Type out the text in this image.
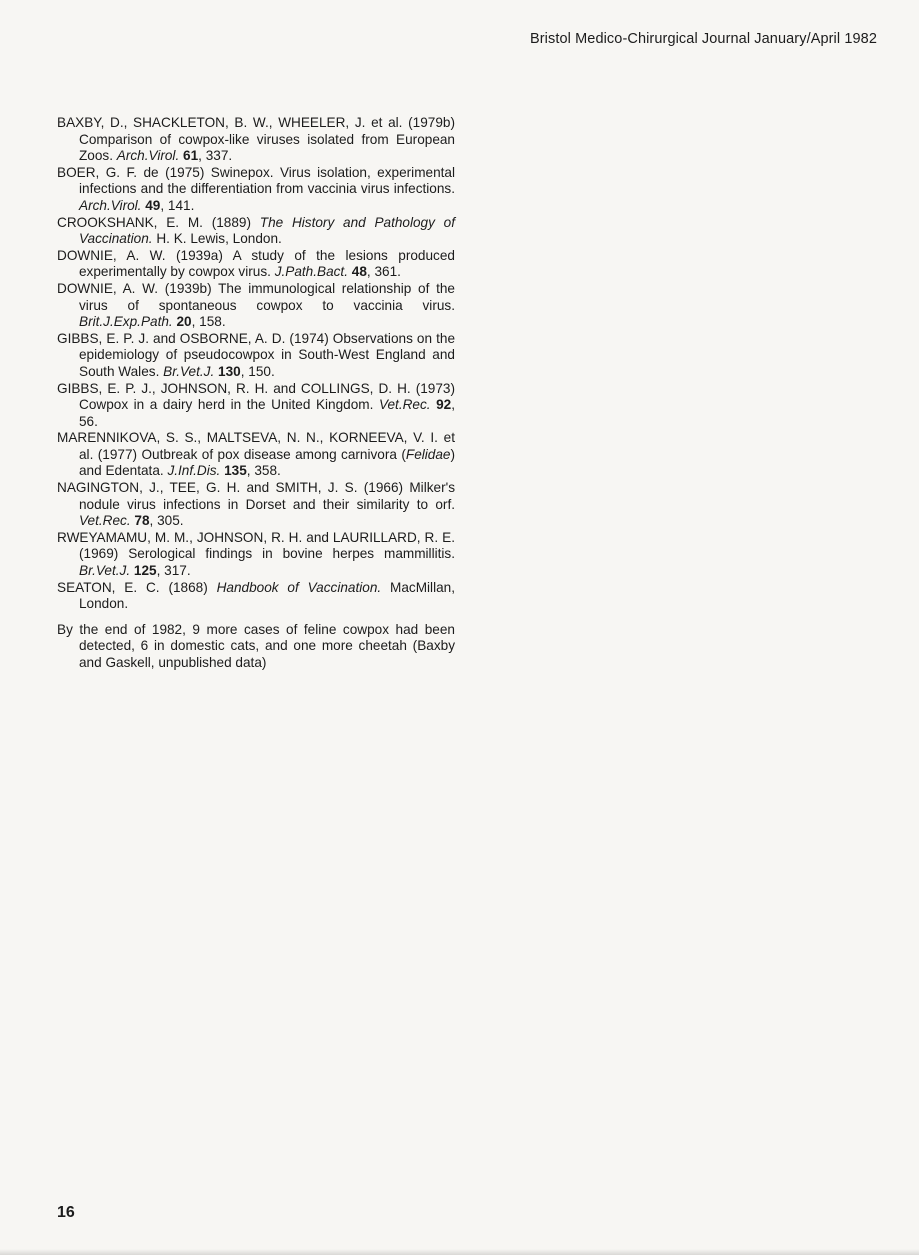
Bristol Medico-Chirurgical Journal January/April 1982

BAXBY, D., SHACKLETON, B. W., WHEELER, J. et al. (1979b) Comparison of cowpox-like viruses isolated from European Zoos. Arch.Virol. 61, 337.

BOER, G. F. de (1975) Swinepox. Virus isolation, experimental infections and the differentiation from vaccinia virus infections. Arch.Virol. 49, 141.

CROOKSHANK, E. M. (1889) The History and Pathology of Vaccination. H. K. Lewis, London.

DOWNIE, A. W. (1939a) A study of the lesions produced experimentally by cowpox virus. J.Path.Bact. 48, 361.

DOWNIE, A. W. (1939b) The immunological relationship of the virus of spontaneous cowpox to vaccinia virus. Brit.J.Exp.Path. 20, 158.

GIBBS, E. P. J. and OSBORNE, A. D. (1974) Observations on the epidemiology of pseudocowpox in South-West England and South Wales. Br.Vet.J. 130, 150.

GIBBS, E. P. J., JOHNSON, R. H. and COLLINGS, D. H. (1973) Cowpox in a dairy herd in the United Kingdom. Vet.Rec. 92, 56.

MARENNIKOVA, S. S., MALTSEVA, N. N., KORNEEVA, V. I. et al. (1977) Outbreak of pox disease among carnivora (Felidae) and Edentata. J.Inf.Dis. 135, 358.

NAGINGTON, J., TEE, G. H. and SMITH, J. S. (1966) Milker's nodule virus infections in Dorset and their similarity to orf. Vet.Rec. 78, 305.

RWEYAMAMU, M. M., JOHNSON, R. H. and LAURILLARD, R. E. (1969) Serological findings in bovine herpes mammillitis. Br.Vet.J. 125, 317.

SEATON, E. C. (1868) Handbook of Vaccination. MacMillan, London.

By the end of 1982, 9 more cases of feline cowpox had been detected, 6 in domestic cats, and one more cheetah (Baxby and Gaskell, unpublished data)

16
